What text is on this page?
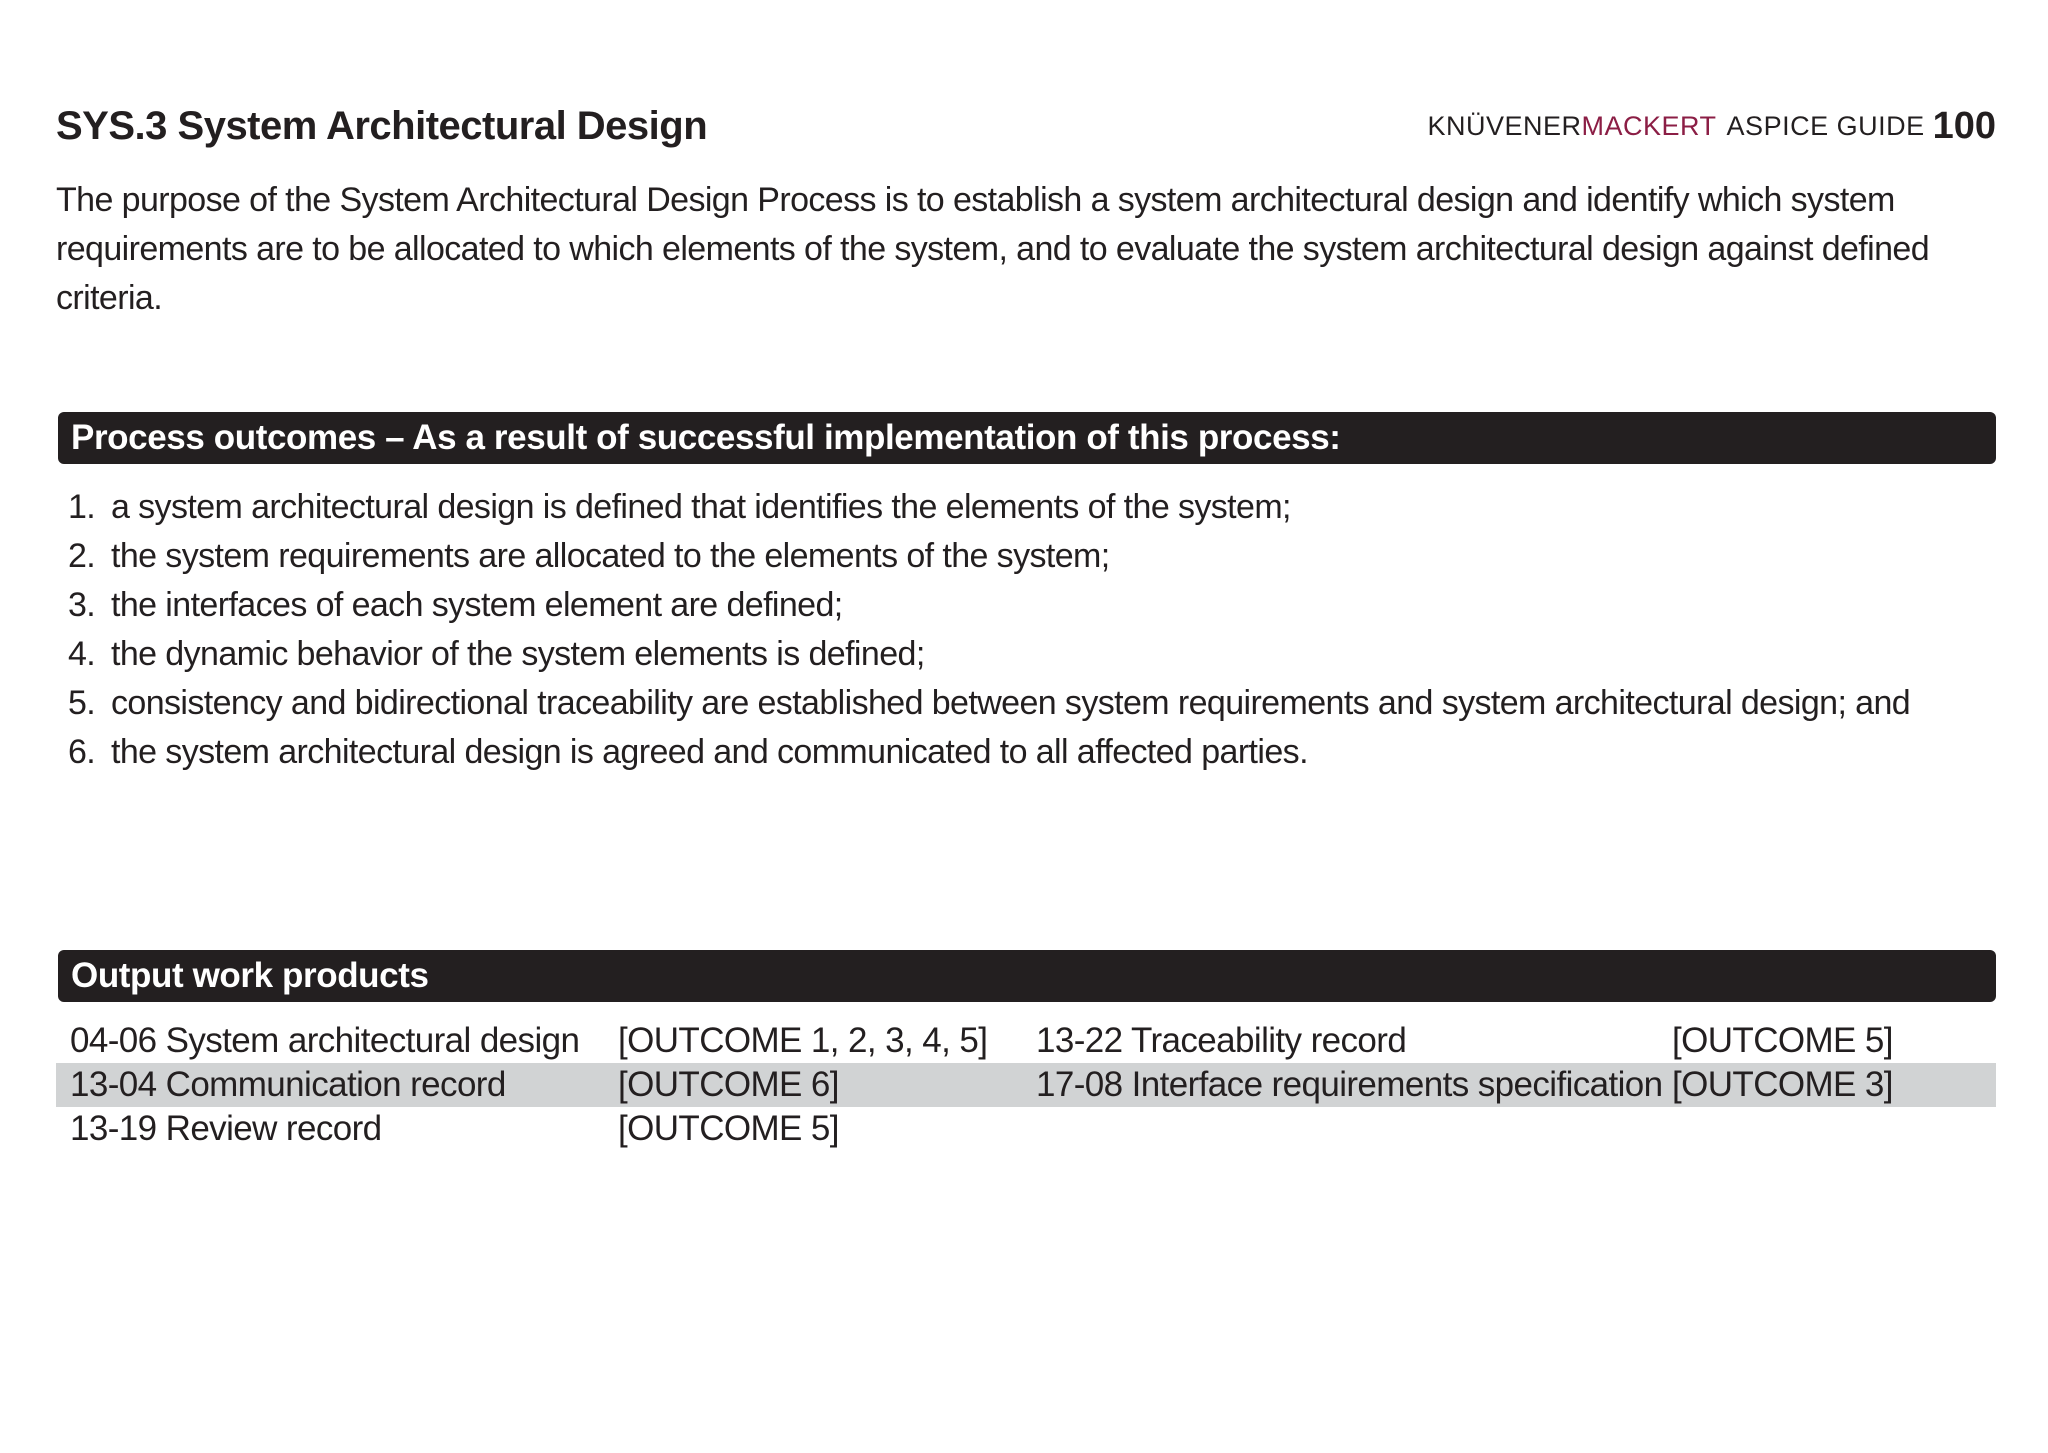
SYS.3 System Architectural Design	KNÜVENER MACKERT ASPICE GUIDE 100
The purpose of the System Architectural Design Process is to establish a system architectural design and identify which system requirements are to be allocated to which elements of the system, and to evaluate the system architectural design against defined criteria.
Process outcomes – As a result of successful implementation of this process:
1. a system architectural design is defined that identifies the elements of the system;
2. the system requirements are allocated to the elements of the system;
3. the interfaces of each system element are defined;
4. the dynamic behavior of the system elements is defined;
5. consistency and bidirectional traceability are established between system requirements and system architectural design; and
6. the system architectural design is agreed and communicated to all affected parties.
Output work products
04-06 System architectural design [OUTCOME 1, 2, 3, 4, 5] 13-22 Traceability record	[OUTCOME 5]
13-04 Communication record	[OUTCOME 6]	17-08 Interface requirements specification [OUTCOME 3]
13-19 Review record	[OUTCOME 5]
